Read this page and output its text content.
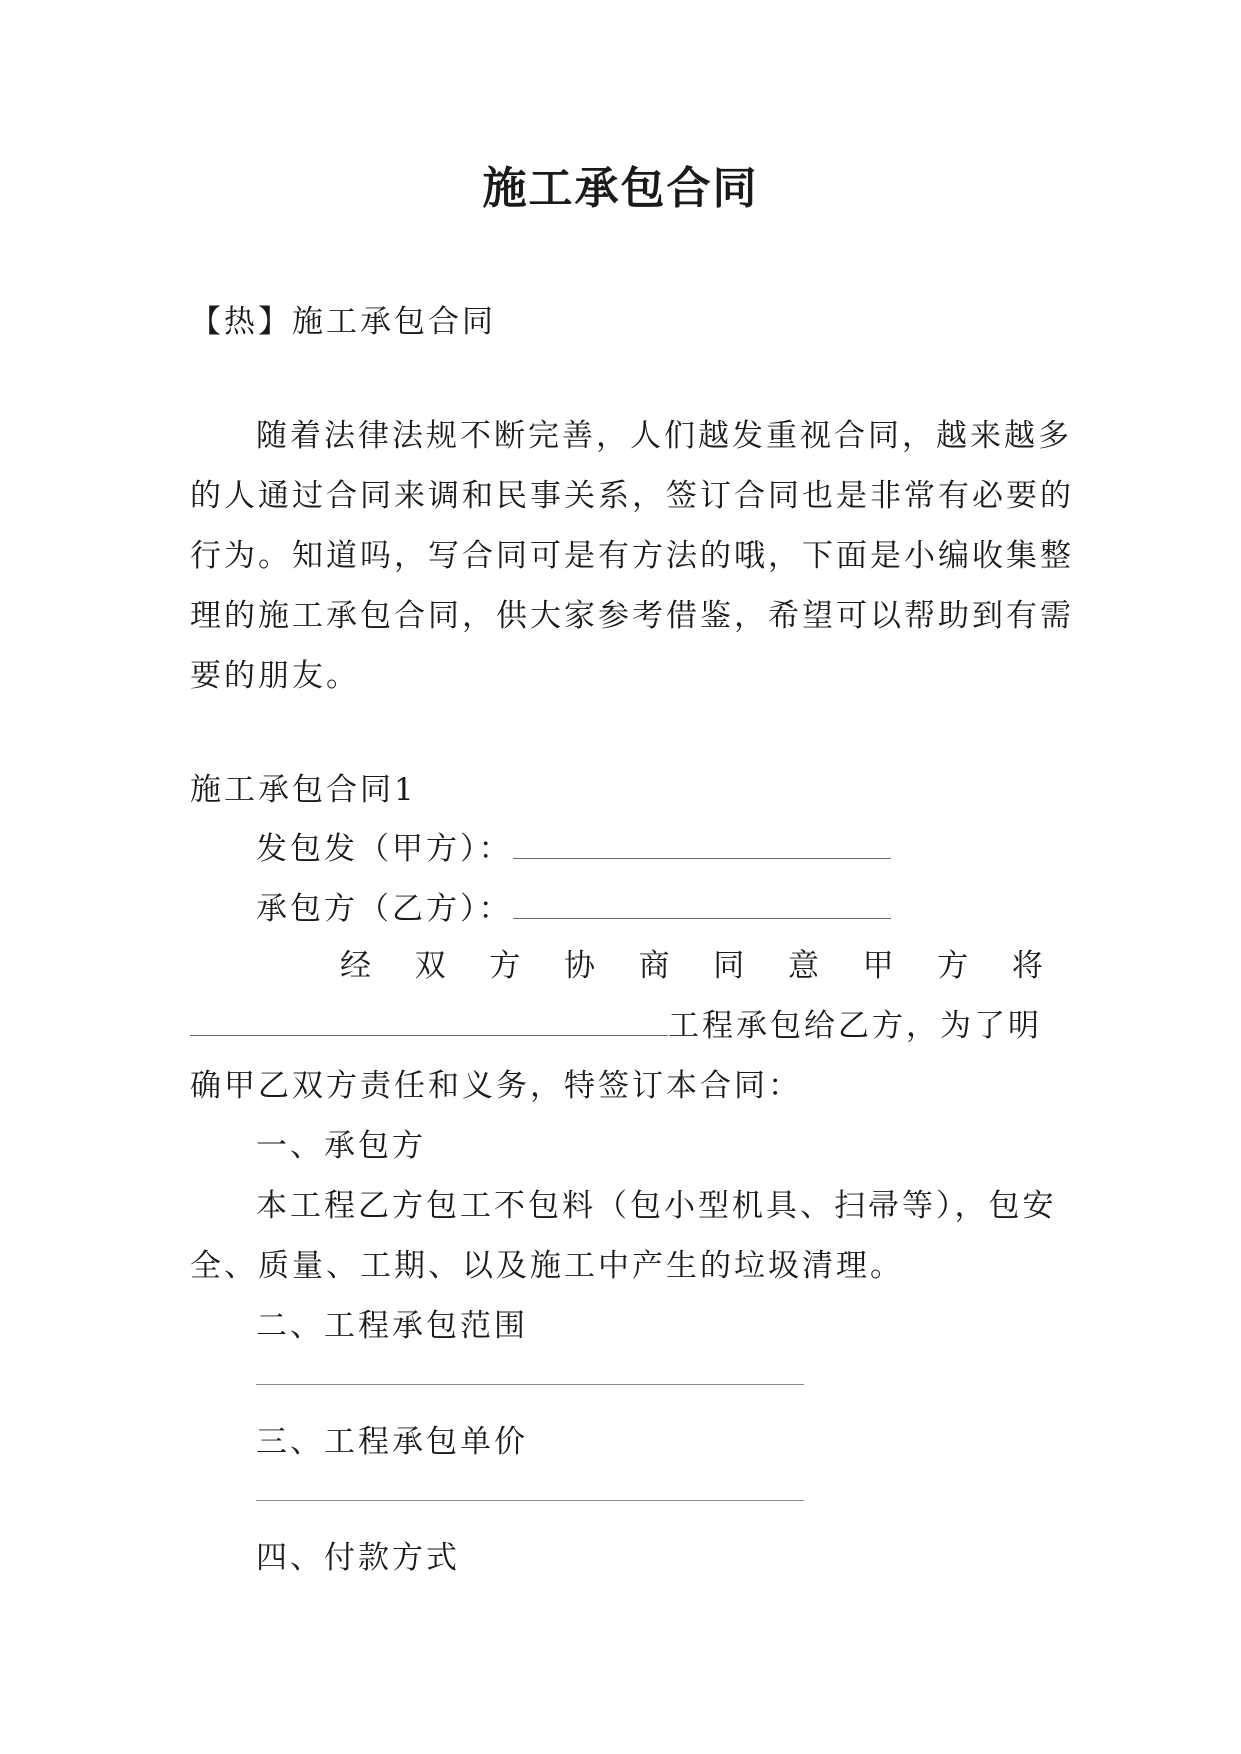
施工承包合同
【热】施工承包合同
随着法律法规不断完善，人们越发重视合同，越来越多
的人通过合同来调和民事关系，签订合同也是非常有必要的
行为。知道吗，写合同可是有方法的哦，下面是小编收集整
理的施工承包合同，供大家参考借鉴，希望可以帮助到有需
要的朋友。
施工承包合同1
发包发（甲方）：
承包方（乙方）：
经 双 方 协 商 同 意 甲 方 将
工程承包给乙方，为了明
确甲乙双方责任和义务，特签订本合同：
一、承包方
本工程乙方包工不包料（包小型机具、扫帚等），包安
全、质量、工期、以及施工中产生的垃圾清理。
二、工程承包范围
三、工程承包单价
四、付款方式
